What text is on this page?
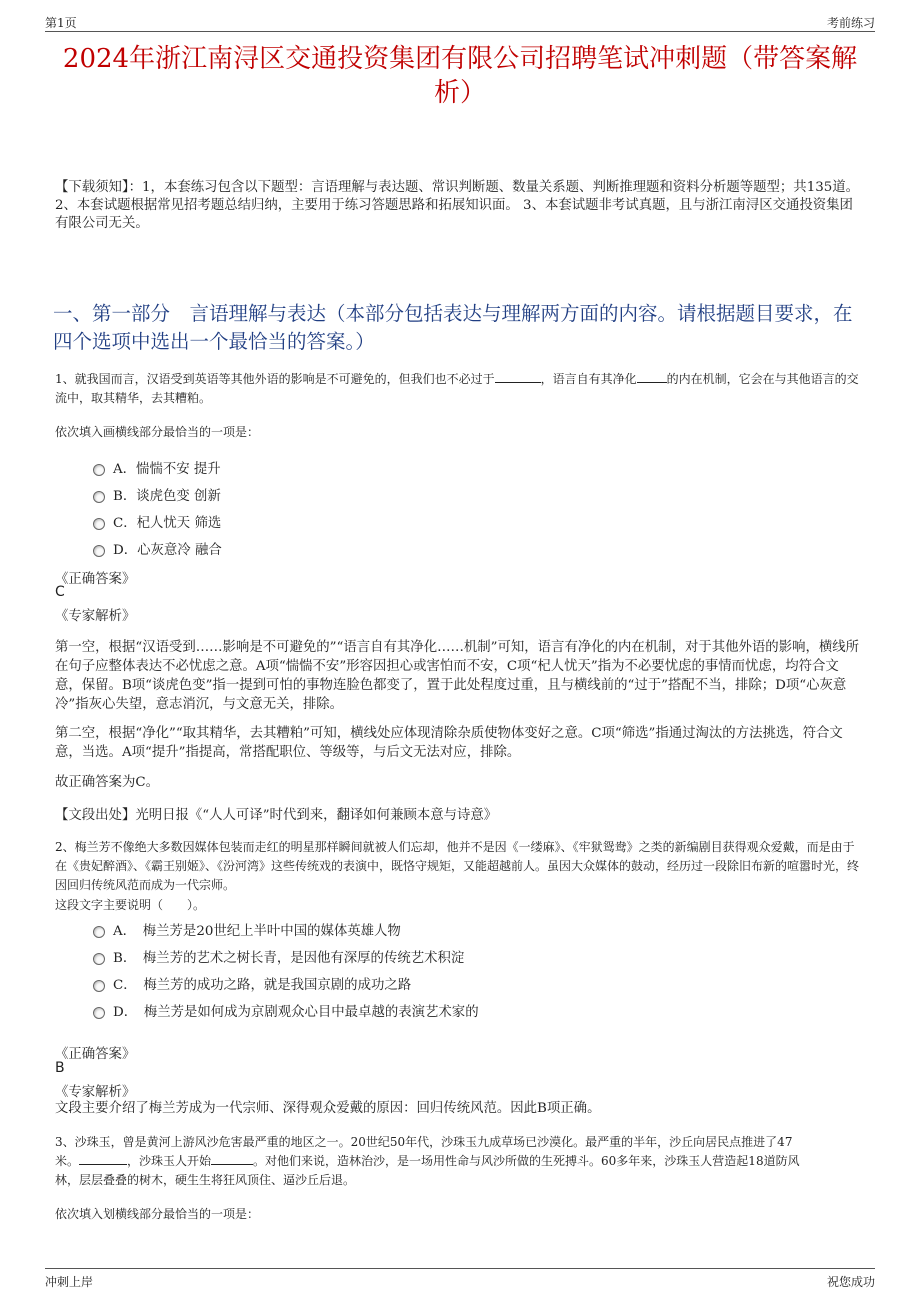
第1页	考前练习
2024年浙江南浔区交通投资集团有限公司招聘笔试冲刺题（带答案解析）
【下载须知】：1，本套练习包含以下题型：言语理解与表达题、常识判断题、数量关系题、判断推理题和资料分析题等题型；共135道。 2、本套试题根据常见招考题总结归纳，主要用于练习答题思路和拓展知识面。 3、本套试题非考试真题，且与浙江南浔区交通投资集团有限公司无关。
一、第一部分　言语理解与表达（本部分包括表达与理解两方面的内容。请根据题目要求，在四个选项中选出一个最恰当的答案。）
1、就我国而言，汉语受到英语等其他外语的影响是不可避免的，但我们也不必过于	，语言自有其净化	的内在机制，它会在与其他语言的交流中，取其精华，去其糟粕。
依次填入画横线部分最恰当的一项是：
A．惴惴不安 提升
B．谈虎色变 创新
C．杞人忧天 筛选
D．心灰意冷 融合
《正确答案》
C
《专家解析》
第一空，根据“汉语受到……影响是不可避免的”“语言自有其净化……机制”可知，语言有净化的内在机制，对于其他外语的影响，横线所在句子应整体表达不必忧虑之意。A项“惴惴不安”形容因担心或害怕而不安，C项“杞人忧天”指为不必要忧虑的事情而忧虑，均符合文意，保留。B项“谈虎色变”指一提到可怕的事物连脸色都变了，置于此处程度过重，且与横线前的“过于”搭配不当，排除；D项“心灰意冷”指灰心失望，意志消沉，与文意无关，排除。
第二空，根据“净化”“取其精华，去其糟粕”可知，横线处应体现清除杂质使物体变好之意。C项“筛选”指通过淘汰的方法挑选，符合文意，当选。A项“提升”指提高，常搭配职位、等级等，与后文无法对应，排除。
故正确答案为C。
【文段出处】光明日报《“人人可译”时代到来，翻译如何兼顾本意与诗意》
2、梅兰芳不像绝大多数因媒体包装而走红的明星那样瞬间就被人们忘却，他并不是因《一缕麻》、《牢狱鸳鸯》之类的新编剧目获得观众爱戴，而是由于在《贵妃醉酒》、《霸王别姬》、《汾河湾》这些传统戏的表演中，既恪守规矩，又能超越前人。虽因大众媒体的鼓动，经历过一段除旧布新的喧嚣时光，终因回归传统风范而成为一代宗师。
这段文字主要说明（　　）。
A．　梅兰芳是20世纪上半叶中国的媒体英雄人物
B．　梅兰芳的艺术之树长青，是因他有深厚的传统艺术积淀
C．　梅兰芳的成功之路，就是我国京剧的成功之路
D．　梅兰芳是如何成为京剧观众心目中最卓越的表演艺术家的
《正确答案》
B
《专家解析》
文段主要介绍了梅兰芳成为一代宗师、深得观众爱戴的原因：回归传统风范。因此B项正确。
3、沙珠玉，曾是黄河上游风沙危害最严重的地区之一。20世纪50年代，沙珠玉九成草场已沙漠化。最严重的半年，沙丘向居民点推进了47
米。	，沙珠玉人开始	。对他们来说，造林治沙，是一场用性命与风沙所做的生死搏斗。60多年来，沙珠玉人营造起18道防风
林，层层叠叠的树木，硬生生将狂风顶住、逼沙丘后退。
依次填入划横线部分最恰当的一项是：
冲刺上岸	祝您成功
